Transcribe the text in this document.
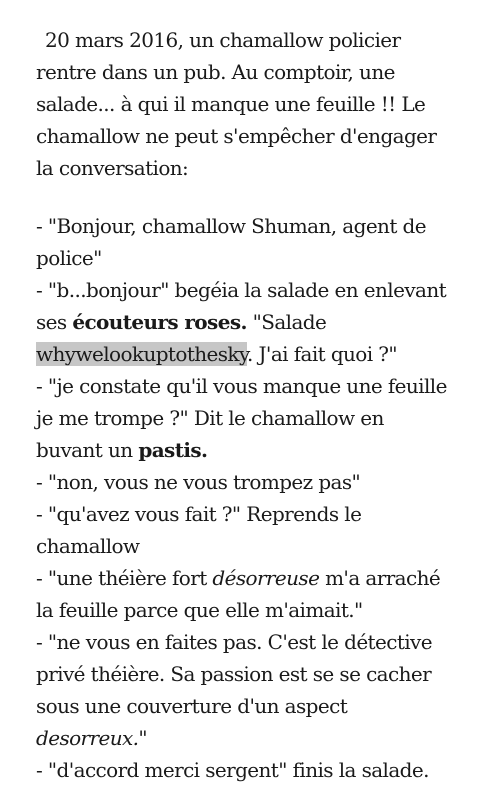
20 mars 2016, un chamallow policier rentre dans un pub. Au comptoir, une salade... à qui il manque une feuille !! Le chamallow ne peut s'empêcher d'engager la conversation:

- "Bonjour, chamallow Shuman, agent de police"

- "b...bonjour" begéia la salade en enlevant ses écouteurs roses. "Salade whywelookuptothesky. J'ai fait quoi ?"

- "je constate qu'il vous manque une feuille je me trompe ?" Dit le chamallow en buvant un pastis.

- "non, vous ne vous trompez pas"

- "qu'avez vous fait ?" Reprends le chamallow

- "une théière fort désorreuse m'a arraché la feuille parce que elle m'aimait."

- "ne vous en faites pas. C'est le détective privé théière. Sa passion est se se cacher sous une couverture d'un aspect desorreux."

- "d'accord merci sergent" finis la salade.
